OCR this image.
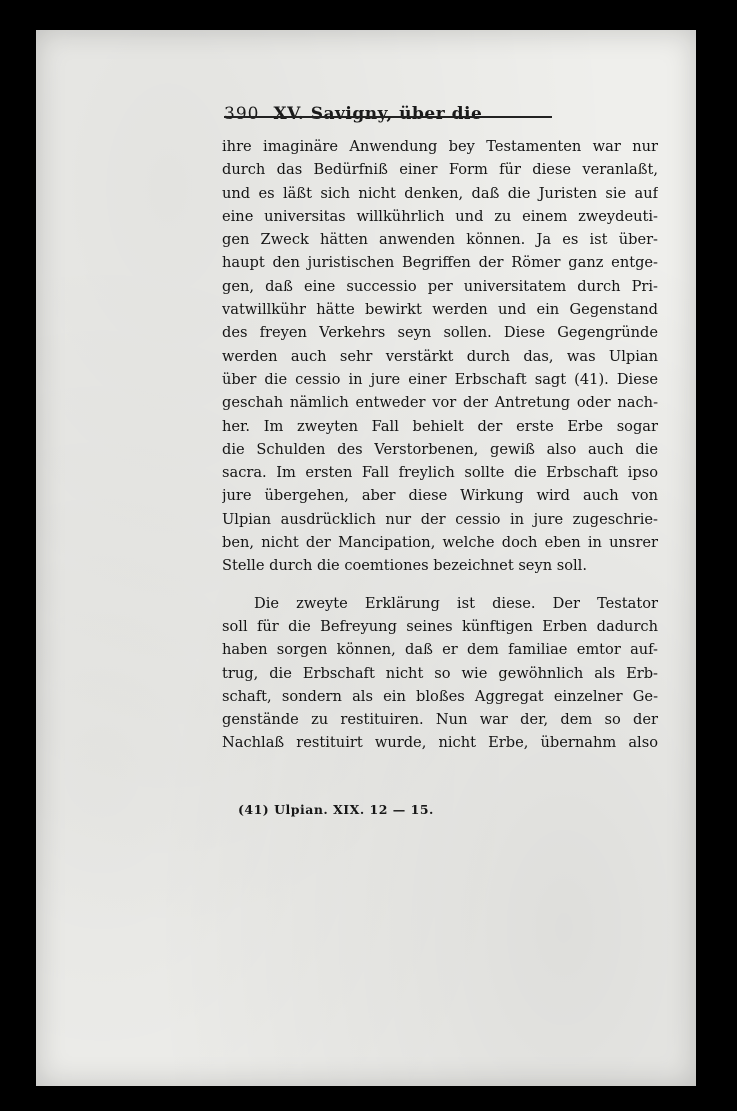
390 XV. Savigny, über die
ihre imaginäre Anwendung bey Testamenten war nur
durch das Bedürfniß einer Form für diese veranlaßt,
und es läßt sich nicht denken, daß die Juristen sie auf
eine universitas willkührlich und zu einem zweydeuti-
gen Zweck hätten anwenden können. Ja es ist über-
haupt den juristischen Begriffen der Römer ganz entge-
gen, daß eine successio per universitatem durch Pri-
vatwillkühr hätte bewirkt werden und ein Gegenstand
des freyen Verkehrs seyn sollen. Diese Gegengründe
werden auch sehr verstärkt durch das, was Ulpian
über die cessio in jure einer Erbschaft sagt (41). Diese
geschah nämlich entweder vor der Antretung oder nach-
her. Im zweyten Fall behielt der erste Erbe sogar
die Schulden des Verstorbenen, gewiß also auch die
sacra. Im ersten Fall freylich sollte die Erbschaft ipso
jure übergehen, aber diese Wirkung wird auch von
Ulpian ausdrücklich nur der cessio in jure zugeschrie-
ben, nicht der Mancipation, welche doch eben in unsrer
Stelle durch die coemtiones bezeichnet seyn soll.
Die zweyte Erklärung ist diese. Der Testator
soll für die Befreyung seines künftigen Erben dadurch
haben sorgen können, daß er dem familiae emtor auf-
trug, die Erbschaft nicht so wie gewöhnlich als Erb-
schaft, sondern als ein bloßes Aggregat einzelner Ge-
genstände zu restituiren. Nun war der, dem so der
Nachlaß restituirt wurde, nicht Erbe, übernahm also
(41) Ulpian. XIX. 12 — 15.
